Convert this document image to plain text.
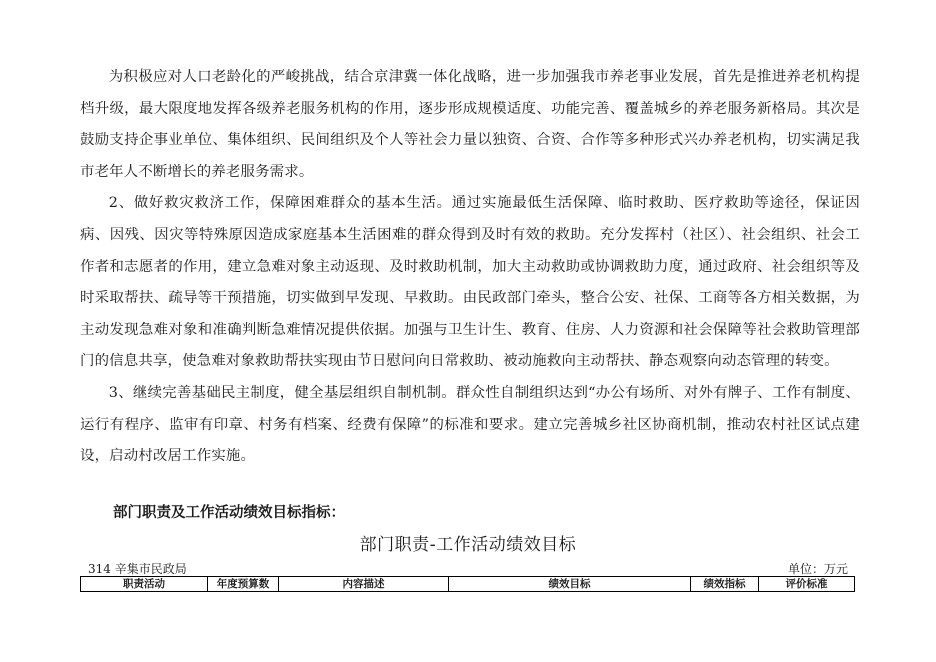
为积极应对人口老龄化的严峻挑战，结合京津冀一体化战略，进一步加强我市养老事业发展，首先是推进养老机构提档升级，最大限度地发挥各级养老服务机构的作用，逐步形成规模适度、功能完善、覆盖城乡的养老服务新格局。其次是鼓励支持企事业单位、集体组织、民间组织及个人等社会力量以独资、合资、合作等多种形式兴办养老机构，切实满足我市老年人不断增长的养老服务需求。

2、做好救灾救济工作，保障困难群众的基本生活。通过实施最低生活保障、临时救助、医疗救助等途径，保证因病、因残、因灾等特殊原因造成家庭基本生活困难的群众得到及时有效的救助。充分发挥村（社区）、社会组织、社会工作者和志愿者的作用，建立急难对象主动返现、及时救助机制，加大主动救助或协调救助力度，通过政府、社会组织等及时采取帮扶、疏导等干预措施，切实做到早发现、早救助。由民政部门牵头，整合公安、社保、工商等各方相关数据，为主动发现急难对象和准确判断急难情况提供依据。加强与卫生计生、教育、住房、人力资源和社会保障等社会救助管理部门的信息共享，使急难对象救助帮扶实现由节日慰问向日常救助、被动施救向主动帮扶、静态观察向动态管理的转变。

3、继续完善基础民主制度，健全基层组织自制机制。群众性自制组织达到“办公有场所、对外有牌子、工作有制度、运行有程序、监审有印章、村务有档案、经费有保障”的标准和要求。建立完善城乡社区协商机制，推动农村社区试点建设，启动村改居工作实施。

部门职责及工作活动绩效目标指标：
部门职责-工作活动绩效目标
314 辛集市民政局	单位：万元
职责活动	年度预算数	内容描述	绩效目标	绩效指标	评价标准
